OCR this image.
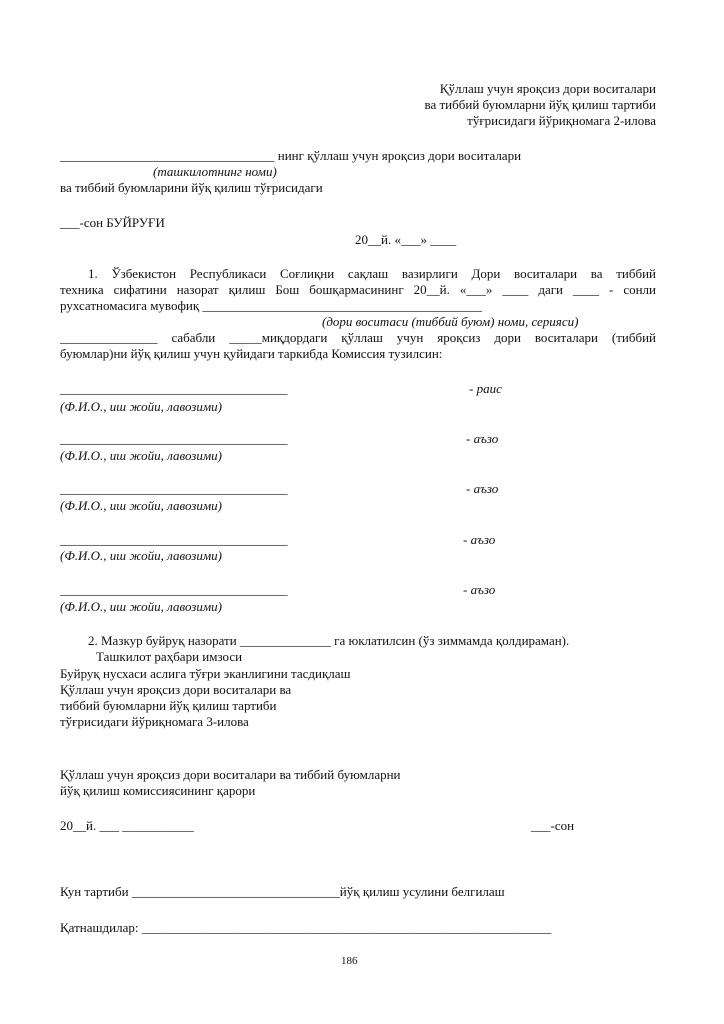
Қўллаш учун яроқсиз дори воситалари
ва тиббий буюмларни йўқ қилиш тартиби
тўғрисидаги йўриқномага 2-илова
_________________________________ нинг қўллаш учун яроқсиз дори воситалари
(ташкилотнинг номи)
ва тиббий буюмларини йўқ қилиш тўғрисидаги
___-сон БУЙРУҒИ
20__й. «___» ____
1. Ўзбекистон Республикаси Соғлиқни сақлаш вазирлиги Дори воситалари ва тиббий
техника сифатини назорат қилиш Бош бошқармасининг 20__й. «___» ____ даги ____ - сонли
рухсатномасига мувофиқ ___________________________________________
(дори воситаси (тиббий буюм) номи, серияси)
_______________ сабабли _____миқдордаги қўллаш учун яроқсиз дори воситалари (тиббий
буюмлар)ни йўқ қилиш учун қуйидаги таркибда Комиссия тузилсин:
___________________________________	- раис
(Ф.И.О., иш жойи, лавозими)
___________________________________	- аъзо
(Ф.И.О., иш жойи, лавозими)
___________________________________	- аъзо
(Ф.И.О., иш жойи, лавозими)
___________________________________	- аъзо
(Ф.И.О., иш жойи, лавозими)
___________________________________	- аъзо
(Ф.И.О., иш жойи, лавозими)
2. Мазкур буйруқ назорати ______________ га юклатилсин (ўз зиммамда қолдираман).
Ташкилот раҳбари имзоси
Буйруқ нусхаси аслига тўғри эканлигини тасдиқлаш
Қўллаш учун яроқсиз дори воситалари ва
тиббий буюмларни йўқ қилиш тартиби
тўғрисидаги йўриқномага 3-илова
Қўллаш учун яроқсиз дори воситалари ва тиббий буюмларни
йўқ қилиш комиссиясининг қарори
20__й. ___ ___________	___-сон
Кун тартиби ________________________________йўқ қилиш усулини белгилаш
Қатнашдилар: _______________________________________________________________
186
